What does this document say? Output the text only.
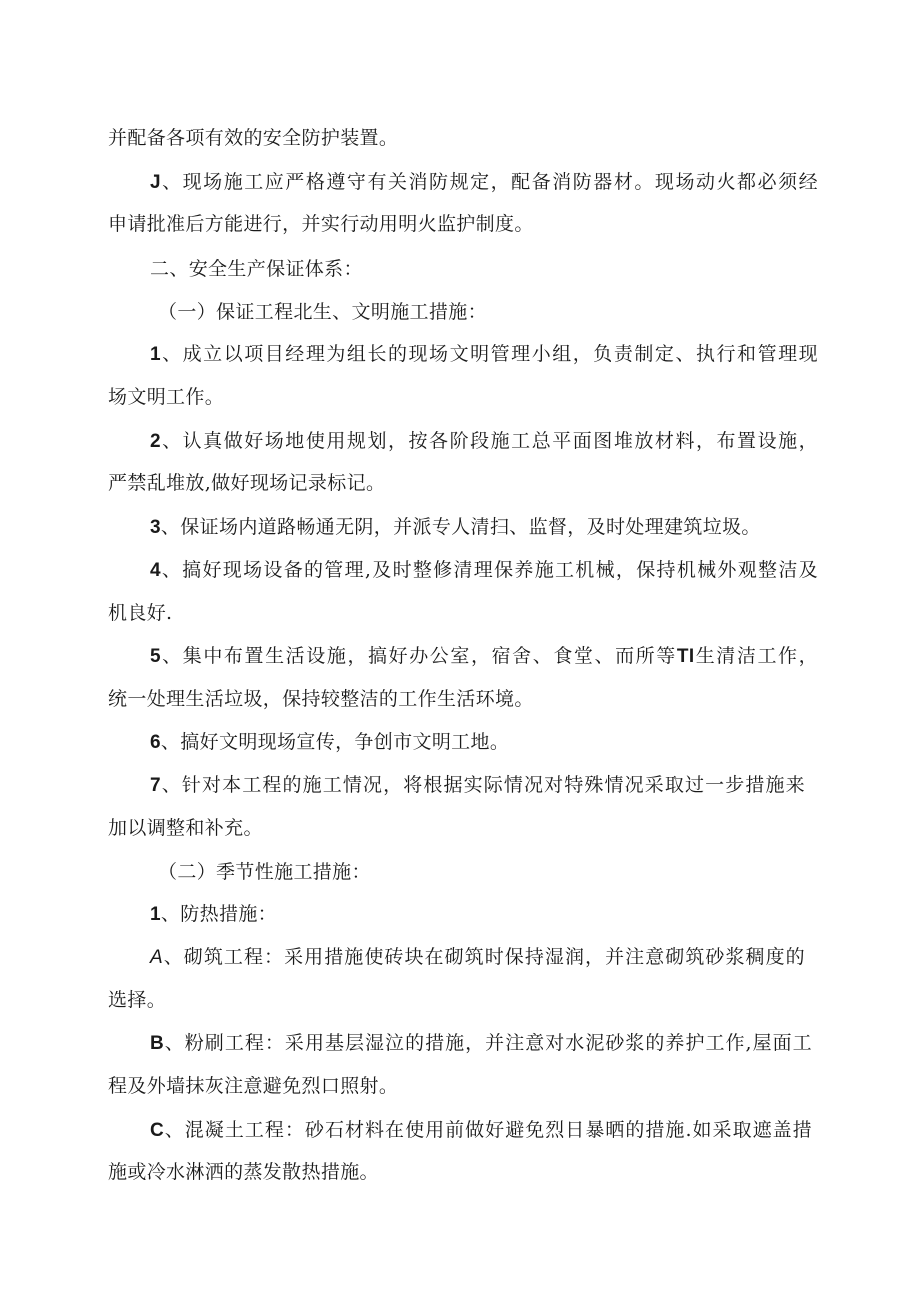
并配备各项有效的安全防护装置。
J、现场施工应严格遵守有关消防规定，配备消防器材。现场动火都必须经
申请批准后方能进行，并实行动用明火监护制度。
二、安全生产保证体系：
（一）保证工程北生、文明施工措施：
1、成立以项目经理为组长的现场文明管理小组，负责制定、执行和管理现
场文明工作。
2、认真做好场地使用规划，按各阶段施工总平面图堆放材料，布置设施，
严禁乱堆放,做好现场记录标记。
3、保证场内道路畅通无阴，并派专人清扫、监督，及时处理建筑垃圾。
4、搞好现场设备的管理,及时整修清理保养施工机械，保持机械外观整洁及
机良好.
5、集中布置生活设施，搞好办公室，宿舍、食堂、而所等TI生清洁工作，
统一处理生活垃圾，保持较整洁的工作生活环境。
6、搞好文明现场宣传，争创市文明工地。
7、针对本工程的施工情况，将根据实际情况对特殊情况采取过一步措施来
加以调整和补充。
（二）季节性施工措施：
1、防热措施：
A、砌筑工程：采用措施使砖块在砌筑时保持湿润，并注意砌筑砂浆稠度的
选择。
B、粉刷工程：采用基层湿泣的措施，并注意对水泥砂浆的养护工作,屋面工
程及外墙抹灰注意避免烈口照射。
C、混凝土工程：砂石材料在使用前做好避免烈日暴晒的措施.如采取遮盖措
施或冷水淋洒的蒸发散热措施。
